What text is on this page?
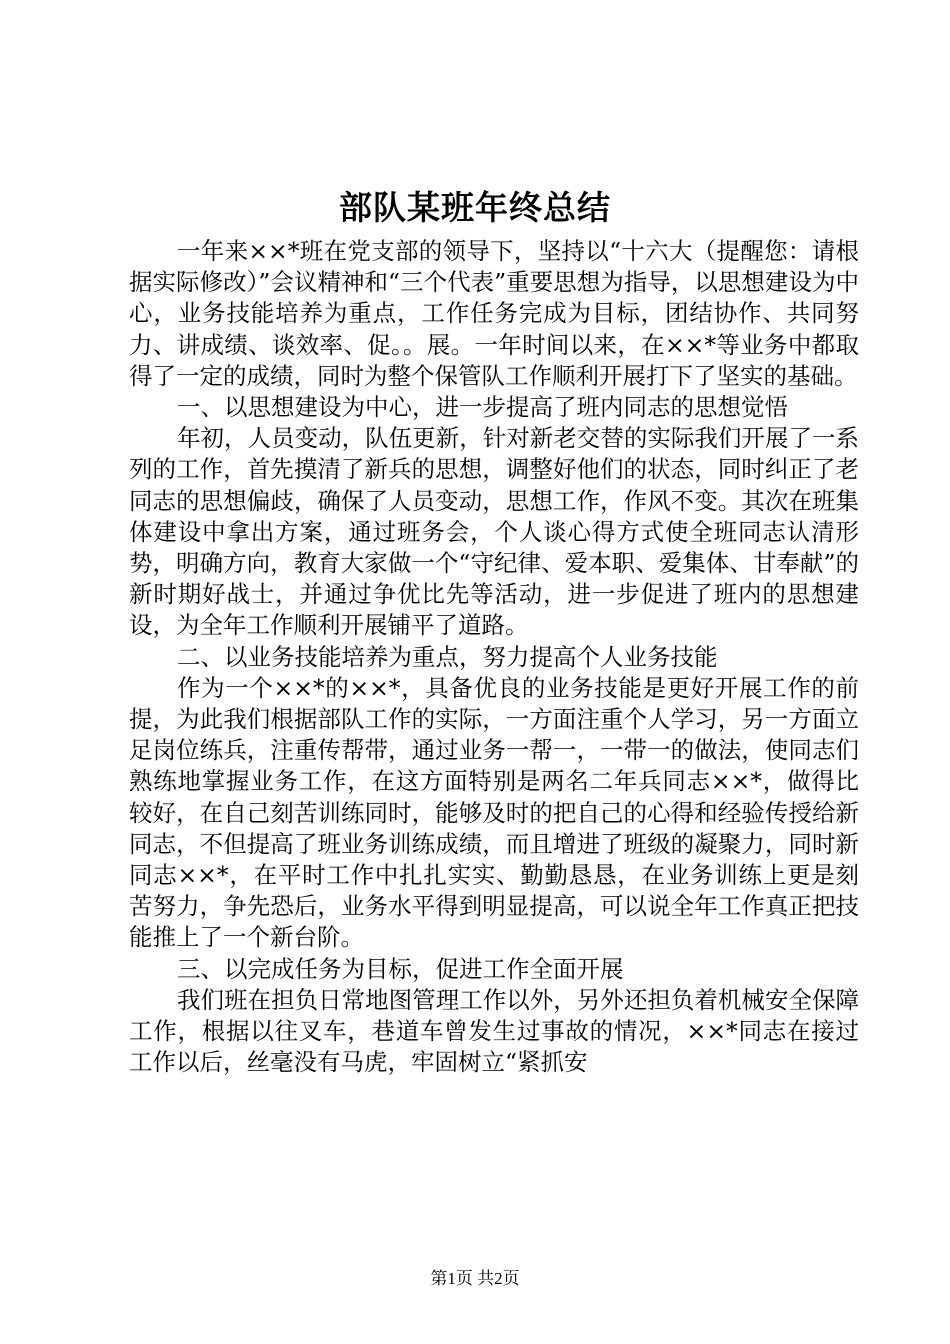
部队某班年终总结

一年来××*班在党支部的领导下，坚持以“十六大（提醒您：请根据实际修改）”会议精神和“三个代表”重要思想为指导，以思想建设为中心，业务技能培养为重点，工作任务完成为目标，团结协作、共同努力、讲成绩、谈效率、促。。展。一年时间以来，在××*等业务中都取得了一定的成绩，同时为整个保管队工作顺利开展打下了坚实的基础。

一、以思想建设为中心，进一步提高了班内同志的思想觉悟

年初，人员变动，队伍更新，针对新老交替的实际我们开展了一系列的工作，首先摸清了新兵的思想，调整好他们的状态，同时纠正了老同志的思想偏歧，确保了人员变动，思想工作，作风不变。其次在班集体建设中拿出方案，通过班务会，个人谈心得方式使全班同志认清形势，明确方向，教育大家做一个“守纪律、爱本职、爱集体、甘奉献”的新时期好战士，并通过争优比先等活动，进一步促进了班内的思想建设，为全年工作顺利开展铺平了道路。

二、以业务技能培养为重点，努力提高个人业务技能

作为一个××*的××*，具备优良的业务技能是更好开展工作的前提，为此我们根据部队工作的实际，一方面注重个人学习，另一方面立足岗位练兵，注重传帮带，通过业务一帮一，一带一的做法，使同志们熟练地掌握业务工作，在这方面特别是两名二年兵同志××*，做得比较好，在自己刻苦训练同时，能够及时的把自己的心得和经验传授给新同志，不但提高了班业务训练成绩，而且增进了班级的凝聚力，同时新同志××*，在平时工作中扎扎实实、勤勤恳恳，在业务训练上更是刻苦努力，争先恐后，业务水平得到明显提高，可以说全年工作真正把技能推上了一个新台阶。

三、以完成任务为目标，促进工作全面开展

我们班在担负日常地图管理工作以外，另外还担负着机械安全保障工作，根据以往叉车，巷道车曾发生过事故的情况，××*同志在接过工作以后，丝毫没有马虎，牢固树立“紧抓安

第1页 共2页
